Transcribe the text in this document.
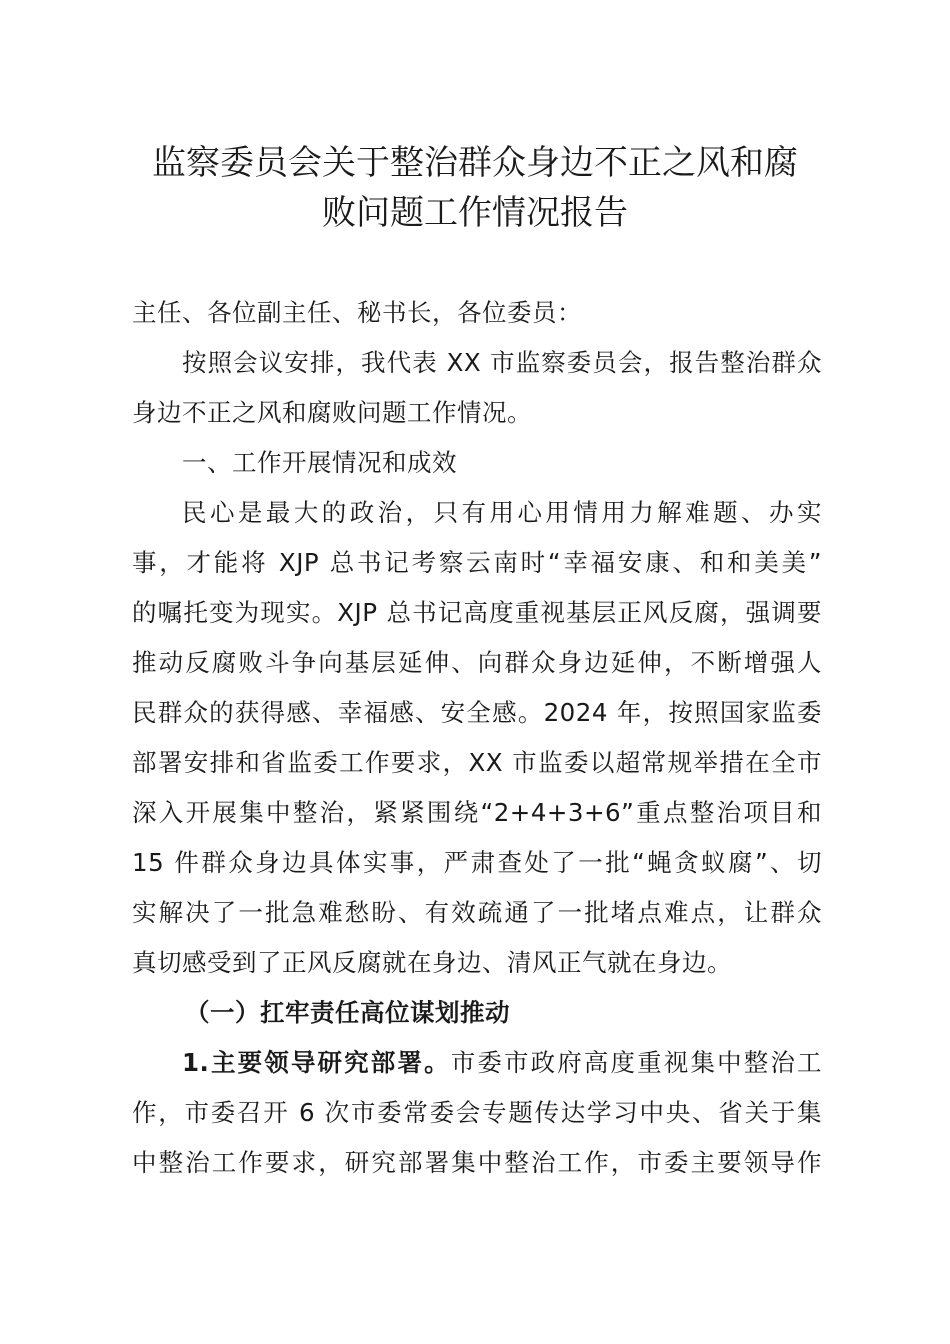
监察委员会关于整治群众身边不正之风和腐
败问题工作情况报告
主任、各位副主任、秘书长，各位委员：
按照会议安排，我代表 XX 市监察委员会，报告整治群众
身边不正之风和腐败问题工作情况。
一、工作开展情况和成效
民心是最大的政治，只有用心用情用力解难题、办实
事，才能将 XJP 总书记考察云南时“幸福安康、和和美美”
的嘱托变为现实。XJP 总书记高度重视基层正风反腐，强调要
推动反腐败斗争向基层延伸、向群众身边延伸，不断增强人
民群众的获得感、幸福感、安全感。2024 年，按照国家监委
部署安排和省监委工作要求，XX 市监委以超常规举措在全市
深入开展集中整治，紧紧围绕“2+4+3+6”重点整治项目和
15 件群众身边具体实事，严肃查处了一批“蝇贪蚁腐”、切
实解决了一批急难愁盼、有效疏通了一批堵点难点，让群众
真切感受到了正风反腐就在身边、清风正气就在身边。
（一）扛牢责任高位谋划推动
1.主要领导研究部署。市委市政府高度重视集中整治工
作，市委召开 6 次市委常委会专题传达学习中央、省关于集
中整治工作要求，研究部署集中整治工作，市委主要领导作
